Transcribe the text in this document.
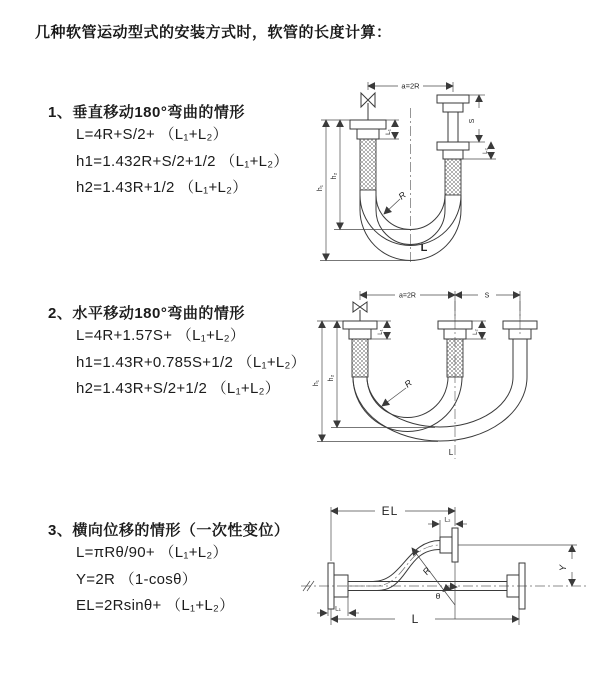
几种软管运动型式的安装方式时，软管的长度计算：
1、垂直移动180°弯曲的情形
L=4R+S/2+ （L₁+L₂）
h1=1.432R+S/2+1/2 （L₁+L₂）
h2=1.43R+1/2 （L₁+L₂）
2、水平移动180°弯曲的情形
L=4R+1.57S+ （L₁+L₂）
h1=1.43R+0.785S+1/2 （L₁+L₂）
h2=1.43R+S/2+1/2 （L₁+L₂）
3、横向位移的情形（一次性变位）
L=πRθ/90+ （L₁+L₂）
Y=2R （1-cosθ）
EL=2Rsinθ+ （L₁+L₂）
a=2R
L₁
S
L₂
h₁
h₂
R
L
a=2R	S
L₁	L₂
h₁
h₂	R
L
EL
L₂
Y
R
θ
L
L₁
